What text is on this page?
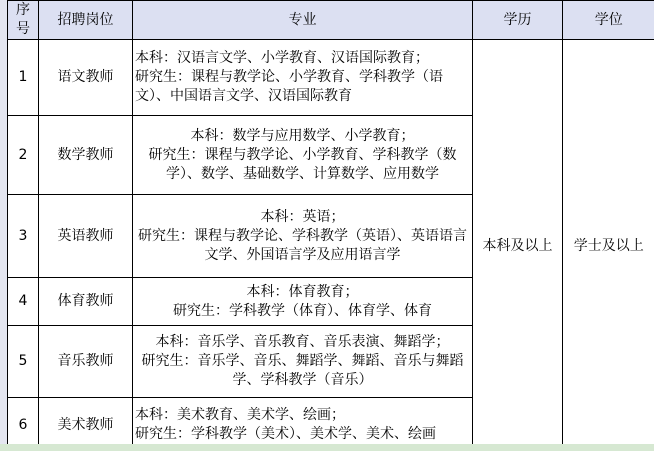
序号	招聘岗位	专业	学历	学位
1	语文教师	本科：汉语言文学、小学教育、汉语国际教育；
研究生：课程与教学论、小学教育、学科教学（语文）、中国语言文学、汉语国际教育	本科及以上	学士及以上
2	数学教师	本科：数学与应用数学、小学教育；
研究生：课程与教学论、小学教育、学科教学（数学）、数学、基础数学、计算数学、应用数学		

3	英语教师	本科：英语；
研究生：课程与教学论、学科教学（英语）、英语语言文学、外国语言学及应用语言学		

4	体育教师	本科：体育教育；
研究生：学科教学（体育）、体育学、体育		

5	音乐教师	本科：音乐学、音乐教育、音乐表演、舞蹈学；
研究生：音乐学、音乐、舞蹈学、舞蹈、音乐与舞蹈学、学科教学（音乐）		

6	美术教师	本科：美术教育、美术学、绘画；
研究生：学科教学（美术）、美术学、美术、绘画		
